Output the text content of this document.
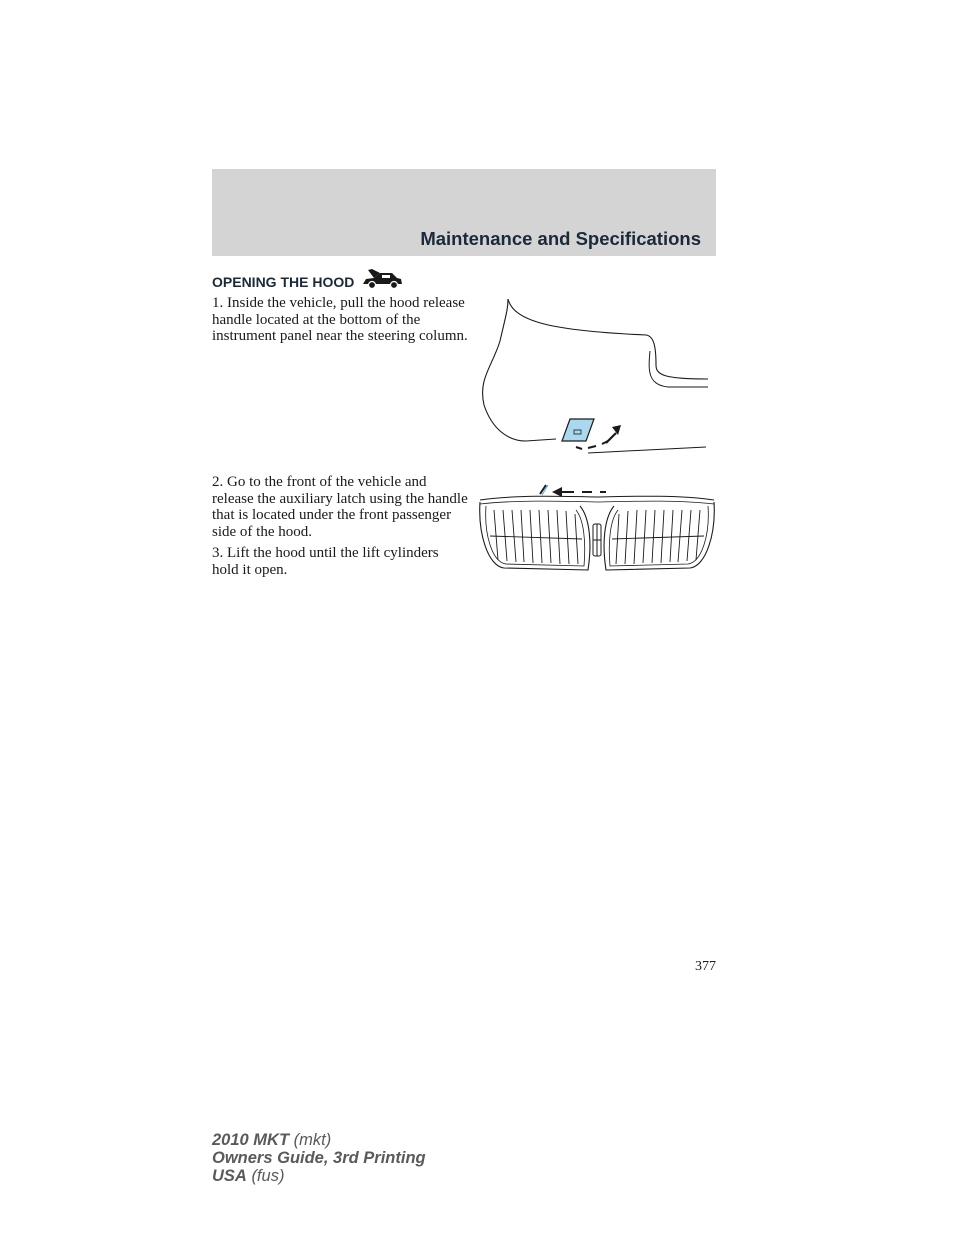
Maintenance and Specifications
OPENING THE HOOD

1. Inside the vehicle, pull the hood release handle located at the bottom of the instrument panel near the steering column.

2. Go to the front of the vehicle and release the auxiliary latch using the handle that is located under the front passenger side of the hood.

3. Lift the hood until the lift cylinders hold it open.

377
2010 MKT (mkt)
Owners Guide, 3rd Printing
USA (fus)
